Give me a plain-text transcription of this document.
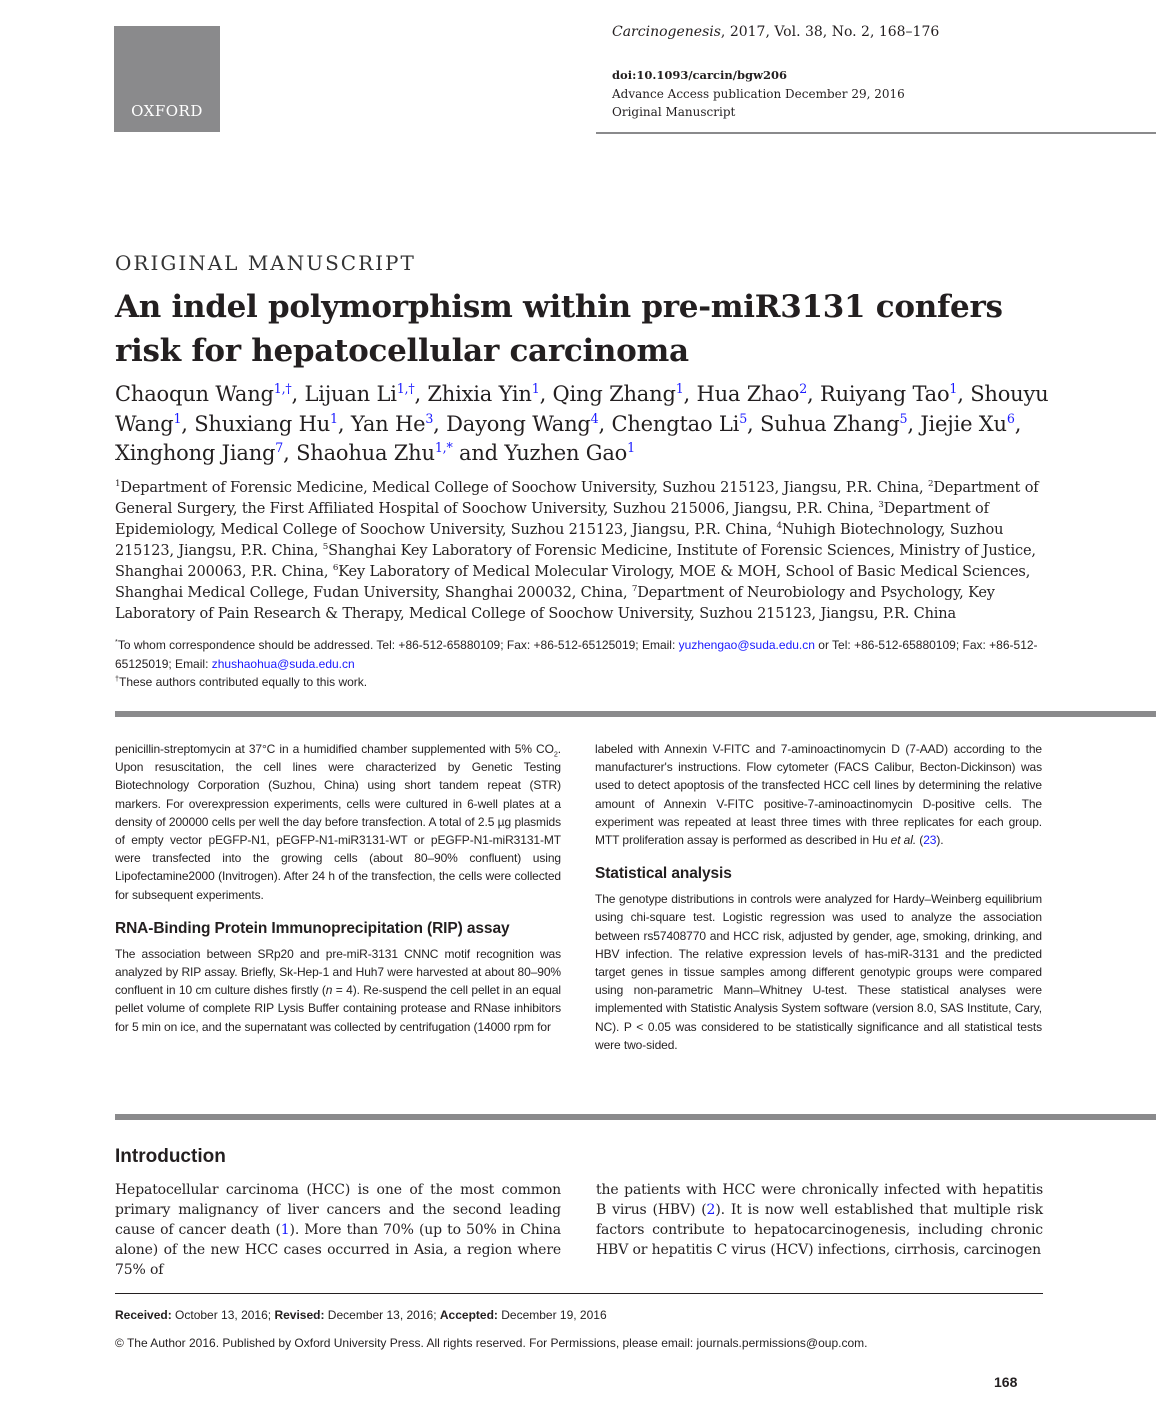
OXFORD
Carcinogenesis, 2017, Vol. 38, No. 2, 168–176
doi:10.1093/carcin/bgw206
Advance Access publication December 29, 2016
Original Manuscript
ORIGINAL MANUSCRIPT
An indel polymorphism within pre-miR3131 confers risk for hepatocellular carcinoma
Chaoqun Wang$^{1,\dagger}$, Lijuan $Li^{1,\dagger}$, Zhixia Yin$^1$, Qing Zhang$^1$, Hua Zhao$^2$, Ruiyang Tao$^1$, Shouyu Wang$^1$, Shuxiang Hu$^1$, Yan He$^3$, Dayong Wang$^4$, Chengtao Li$^5$, Suhua Zhang$^5$, Jiejie Xu$^6$, Xinghong Jiang$^7$, Shaohua Zhu$^{1,*}$ and Yuzhen Gao$^1$
$^1$Department of Forensic Medicine, Medical College of Soochow University, Suzhou 215123, Jiangsu, P.R. China, $^2$Department of General Surgery, the First Affiliated Hospital of Soochow University, Suzhou 215006, Jiangsu, P.R. China, $^3$Department of Epidemiology, Medical College of Soochow University, Suzhou 215123, Jiangsu, P.R. China, $^4$Nuhigh Biotechnology, Suzhou 215123, Jiangsu, P.R. China, $^5$Shanghai Key Laboratory of Forensic Medicine, Institute of Forensic Sciences, Ministry of Justice, Shanghai 200063, P.R. China, $^6$Key Laboratory of Medical Molecular Virology, MOE & MOH, School of Basic Medical Sciences, Shanghai Medical College, Fudan University, Shanghai 200032, China, $^7$Department of Neurobiology and Psychology, Key Laboratory of Pain Research & Therapy, Medical College of Soochow University, Suzhou 215123, Jiangsu, P.R. China
*To whom correspondence should be addressed. Tel: +86-512-65880109; Fax: +86-512-65125019; Email: yuzhengao@suda.edu.cn or Tel: +86-512-65880109; Fax: +86-512-65125019; Email: zhushaohua@suda.edu.cn
†These authors contributed equally to this work.

penicillin-streptomycin at 37°C in a humidified chamber supplemented with 5% $CO_2$. Upon resuscitation, the cell lines were characterized by Genetic Testing Biotechnology Corporation (Suzhou, China) using short tandem repeat (STR) markers. For overexpression experiments, cells were cultured in 6-well plates at a density of 200000 cells per well the day before transfection. A total of 2.5 µg plasmids of empty vector pEGFP-N1, pEGFP-N1-miR3131-WT or pEGFP-N1-miR3131-MT were transfected into the growing cells (about 80–90% confluent) using Lipofectamine2000 (Invitrogen). After 24 h of the transfection, the cells were collected for subsequent experiments.

RNA-Binding Protein Immunoprecipitation (RIP) assay

The association between SRp20 and pre-miR-3131 CNNC motif recognition was analyzed by RIP assay. Briefly, Sk-Hep-1 and Huh7 were harvested at about 80–90% confluent in 10 cm culture dishes firstly (n = 4). Re-suspend the cell pellet in an equal pellet volume of complete RIP Lysis Buffer containing protease and RNase inhibitors for 5 min on ice, and the supernatant was collected by centrifugation (14000 rpm for

labeled with Annexin V-FITC and 7-aminoactinomycin D (7-AAD) according to the manufacturer's instructions. Flow cytometer (FACS Calibur, Becton-Dickinson) was used to detect apoptosis of the transfected HCC cell lines by determining the relative amount of Annexin V-FITC positive-7-aminoactinomycin D-positive cells. The experiment was repeated at least three times with three replicates for each group. MTT proliferation assay is performed as described in Hu et al. (23).

Statistical analysis

The genotype distributions in controls were analyzed for Hardy–Weinberg equilibrium using chi-square test. Logistic regression was used to analyze the association between rs57408770 and HCC risk, adjusted by gender, age, smoking, drinking, and HBV infection. The relative expression levels of has-miR-3131 and the predicted target genes in tissue samples among different genotypic groups were compared using non-parametric Mann–Whitney U-test. These statistical analyses were implemented with Statistic Analysis System software (version 8.0, SAS Institute, Cary, NC). P < 0.05 was considered to be statistically significance and all statistical tests were two-sided.

Introduction
Hepatocellular carcinoma (HCC) is one of the most common primary malignancy of liver cancers and the second leading cause of cancer death (1). More than 70% (up to 50% in China alone) of the new HCC cases occurred in Asia, a region where 75% of
the patients with HCC were chronically infected with hepatitis B virus (HBV) (2). It is now well established that multiple risk factors contribute to hepatocarcinogenesis, including chronic HBV or hepatitis C virus (HCV) infections, cirrhosis, carcinogen
Received: October 13, 2016; Revised: December 13, 2016; Accepted: December 19, 2016
© The Author 2016. Published by Oxford University Press. All rights reserved. For Permissions, please email: journals.permissions@oup.com.
168
